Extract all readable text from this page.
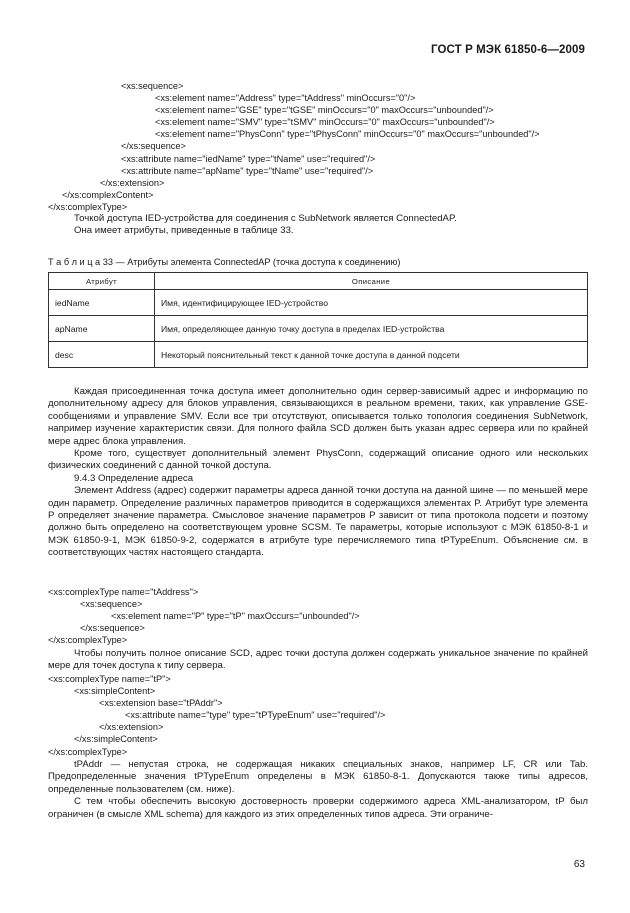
ГОСТ Р МЭК 61850-6—2009
<xs:sequence>
<xs:element name="Address" type="tAddress" minOccurs="0"/>
<xs:element name="GSE" type="tGSE" minOccurs="0" maxOccurs="unbounded"/>
<xs:element name="SMV" type="tSMV" minOccurs="0" maxOccurs="unbounded"/>
<xs:element name="PhysConn" type="tPhysConn" minOccurs="0" maxOccurs="unbounded"/>
</xs:sequence>
<xs:attribute name="iedName" type="tName" use="required"/>
<xs:attribute name="apName" type="tName" use="required"/>
</xs:extension>
</xs:complexContent>
</xs:complexType>

Точкой доступа IED-устройства для соединения с SubNetwork является ConnectedAP.

Она имеет атрибуты, приведенные в таблице 33.

Т а б л и ц а 33 — Атрибуты элемента ConnectedAP (точка доступа к соединению)
Атрибут	Описание
iedName	Имя, идентифицирующее IED-устройство
apName	Имя, определяющее данную точку доступа в пределах IED-устройства
desc	Некоторый пояснительный текст к данной точке доступа в данной подсети

Каждая присоединенная точка доступа имеет дополнительно один сервер-зависимый адрес и информацию по дополнительному адресу для блоков управления, связывающихся в реальном времени, таких, как управление GSE-сообщениями и управление SMV. Если все три отсутствуют, описывается только топология соединения SubNetwork, например изучение характеристик связи. Для полного файла SCD должен быть указан адрес сервера или по крайней мере адрес блока управления.

Кроме того, существует дополнительный элемент PhysConn, содержащий описание одного или нескольких физических соединений с данной точкой доступа.

9.4.3 Определение адреса

Элемент Address (адрес) содержит параметры адреса данной точки доступа на данной шине — по меньшей мере один параметр. Определение различных параметров приводится в содержащихся элементах P. Атрибут type элемента P определяет значение параметра. Смысловое значение параметров P зависит от типа протокола подсети и поэтому должно быть определено на соответствующем уровне SCSM. Те параметры, которые используют с МЭК 61850-8-1 и МЭК 61850-9-1, МЭК 61850-9-2, содержатся в атрибуте type перечисляемого типа tPTypeEnum. Объяснение см. в соответствующих частях настоящего стандарта.

<xs:complexType name="tAddress">
<xs:sequence>
<xs:element name="P" type="tP" maxOccurs="unbounded"/>
</xs:sequence>
</xs:complexType>

Чтобы получить полное описание SCD, адрес точки доступа должен содержать уникальное значение по крайней мере для точек доступа к типу сервера.

<xs:complexType name="tP">
<xs:simpleContent>
<xs:extension base="tPAddr">
<xs:attribute name="type" type="tPTypeEnum" use="required"/>
</xs:extension>
</xs:simpleContent>
</xs:complexType>

tPAddr — непустая строка, не содержащая никаких специальных знаков, например LF, CR или Tab. Предопределенные значения tPTypeEnum определены в МЭК 61850-8-1. Допускаются также типы адресов, определенные пользователем (см. ниже).

С тем чтобы обеспечить высокую достоверность проверки содержимого адреса XML-анализатором, tP был ограничен (в смысле XML schema) для каждого из этих определенных типов адреса. Эти ограниче-

63
